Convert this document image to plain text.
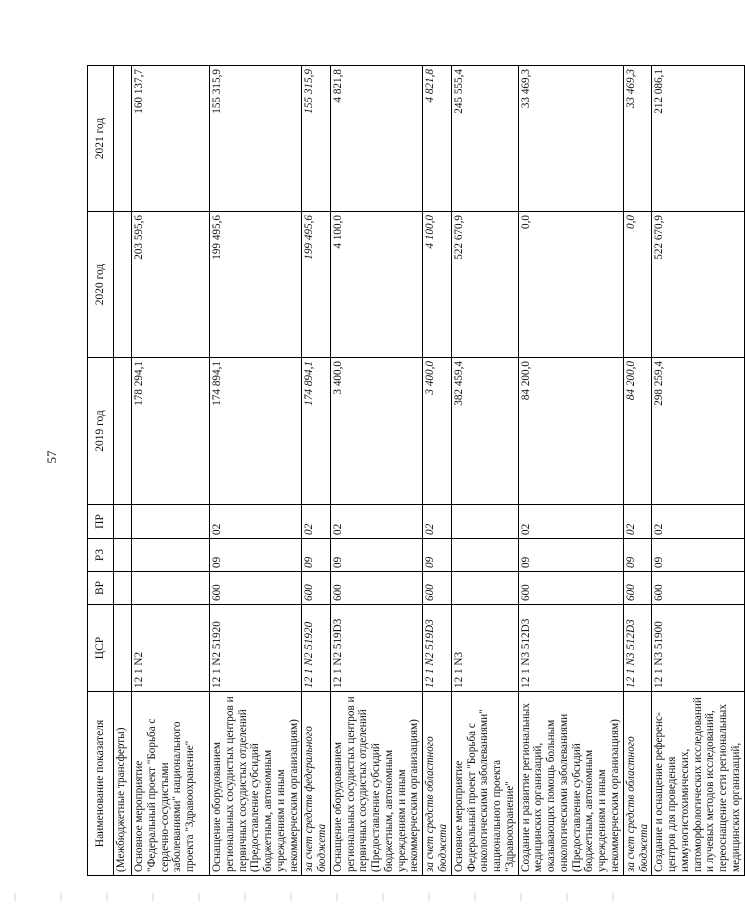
57
Наименование показателя	ЦСР	ВР	РЗ	ПР	2019 год	2020 год	2021 год
(Межбюджетные трансферты)							
Основное мероприятие "Федеральный проект "Борьба с сердечно-сосудистыми заболеваниями" национального проекта "Здравоохранение"	12 1 N2				178 294,1	203 595,6	160 137,7
Оснащение оборудованием региональных сосудистых центров и первичных сосудистых отделений (Предоставление субсидий бюджетным, автономным учреждениям и иным некоммерческим организациям)	12 1 N2 51920	600	09	02	174 894,1	199 495,6	155 315,9
за счет средств федерального бюджета	12 1 N2 51920	600	09	02	174 894,1	199 495,6	155 315,9
Оснащение оборудованием региональных сосудистых центров и первичных сосудистых отделений (Предоставление субсидий бюджетным, автономным учреждениям и иным некоммерческим организациям)	12 1 N2 519D3	600	09	02	3 400,0	4 100,0	4 821,8
за счет средств областного бюджета	12 1 N2 519D3	600	09	02	3 400,0	4 100,0	4 821,8
Основное мероприятие Федеральный проект "Борьба с онкологическими заболеваниями" национального проекта "Здравоохранение"	12 1 N3				382 459,4	522 670,9	245 555,4
Создание и развитие региональных медицинских организаций, оказывающих помощь больным онкологическими заболеваниями (Предоставление субсидий бюджетным, автономным учреждениям и иным некоммерческим организациям)	12 1 N3 512D3	600	09	02	84 200,0	0,0	33 469,3
за счет средств областного бюджета	12 1 N3 512D3	600	09	02	84 200,0	0,0	33 469,3
Создание и оснащение референс-центров для проведения иммуногистохимических, патоморфологических исследований и лучевых методов исследований, переоснащение сети региональных медицинских организаций,	12 1 N3 51900	600	09	02	298 259,4	522 670,9	212 086,1
